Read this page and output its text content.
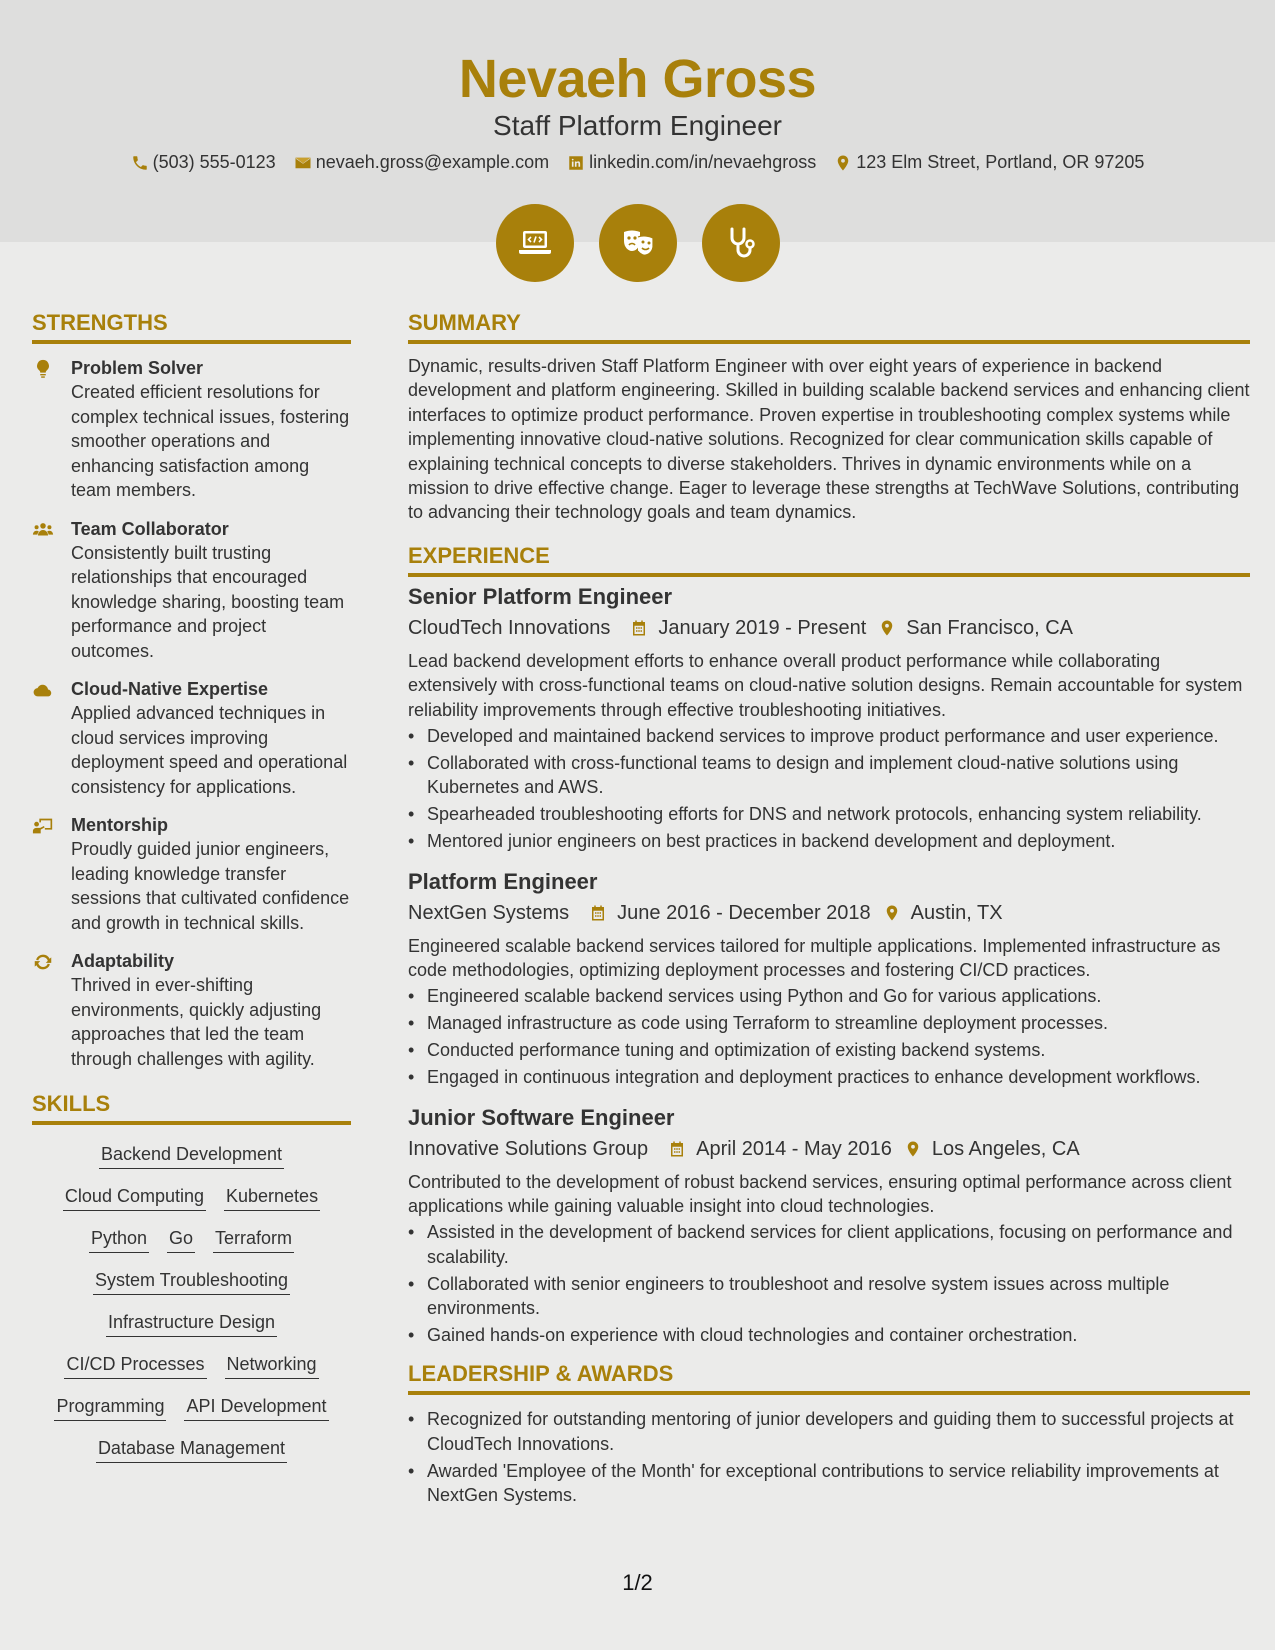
Nevaeh Gross
Staff Platform Engineer
(503) 555-0123 nevaeh.gross@example.com linkedin.com/in/nevaehgross 123 Elm Street, Portland, OR 97205
STRENGTHS
Problem Solver
Created efficient resolutions for complex technical issues, fostering smoother operations and enhancing satisfaction among team members.
Team Collaborator
Consistently built trusting relationships that encouraged knowledge sharing, boosting team performance and project outcomes.
Cloud-Native Expertise
Applied advanced techniques in cloud services improving deployment speed and operational consistency for applications.
Mentorship
Proudly guided junior engineers, leading knowledge transfer sessions that cultivated confidence and growth in technical skills.
Adaptability
Thrived in ever-shifting environments, quickly adjusting approaches that led the team through challenges with agility.
SKILLS
Backend Development
Cloud Computing Kubernetes
Python Go Terraform
System Troubleshooting
Infrastructure Design
CI/CD Processes Networking
Programming API Development
Database Management
SUMMARY
Dynamic, results-driven Staff Platform Engineer with over eight years of experience in backend development and platform engineering. Skilled in building scalable backend services and enhancing client interfaces to optimize product performance. Proven expertise in troubleshooting complex systems while implementing innovative cloud-native solutions. Recognized for clear communication skills capable of explaining technical concepts to diverse stakeholders. Thrives in dynamic environments while on a mission to drive effective change. Eager to leverage these strengths at TechWave Solutions, contributing to advancing their technology goals and team dynamics.
EXPERIENCE
Senior Platform Engineer
CloudTech Innovations January 2019 - Present San Francisco, CA
Lead backend development efforts to enhance overall product performance while collaborating extensively with cross-functional teams on cloud-native solution designs. Remain accountable for system reliability improvements through effective troubleshooting initiatives.
• Developed and maintained backend services to improve product performance and user experience.
• Collaborated with cross-functional teams to design and implement cloud-native solutions using Kubernetes and AWS.
• Spearheaded troubleshooting efforts for DNS and network protocols, enhancing system reliability.
• Mentored junior engineers on best practices in backend development and deployment.
Platform Engineer
NextGen Systems June 2016 - December 2018 Austin, TX
Engineered scalable backend services tailored for multiple applications. Implemented infrastructure as code methodologies, optimizing deployment processes and fostering CI/CD practices.
• Engineered scalable backend services using Python and Go for various applications.
• Managed infrastructure as code using Terraform to streamline deployment processes.
• Conducted performance tuning and optimization of existing backend systems.
• Engaged in continuous integration and deployment practices to enhance development workflows.
Junior Software Engineer
Innovative Solutions Group April 2014 - May 2016 Los Angeles, CA
Contributed to the development of robust backend services, ensuring optimal performance across client applications while gaining valuable insight into cloud technologies.
• Assisted in the development of backend services for client applications, focusing on performance and scalability.
• Collaborated with senior engineers to troubleshoot and resolve system issues across multiple environments.
• Gained hands-on experience with cloud technologies and container orchestration.
LEADERSHIP & AWARDS
• Recognized for outstanding mentoring of junior developers and guiding them to successful projects at CloudTech Innovations.
• Awarded 'Employee of the Month' for exceptional contributions to service reliability improvements at NextGen Systems.
1/2
